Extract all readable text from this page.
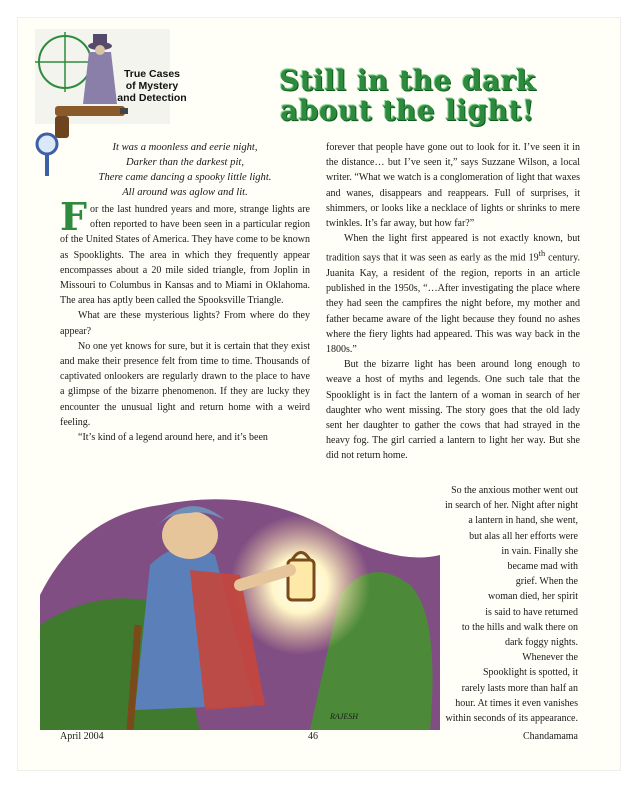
True Cases
of Mystery
and Detection
Still in the dark
about the light!
It was a moonless and eerie night,
Darker than the darkest pit,
There came dancing a spooky little light.
All around was aglow and lit.

For the last hundred years and more, strange lights are often reported to have been seen in a particular region of the United States of America. They have come to be known as Spooklights. The area in which they frequently appear encompasses about a 20 mile sided triangle, from Joplin in Missouri to Columbus in Kansas and to Miami in Oklahoma. The area has aptly been called the Spooksville Triangle.

What are these mysterious lights? From where do they appear?

No one yet knows for sure, but it is certain that they exist and make their presence felt from time to time. Thousands of captivated onlookers are regularly drawn to the place to have a glimpse of the bizarre phenomenon. If they are lucky they encounter the unusual light and return home with a weird feeling.

“It’s kind of a legend around here, and it’s been

forever that people have gone out to look for it. I’ve seen it in the distance… but I’ve seen it,” says Suzzane Wilson, a local writer. “What we watch is a conglomeration of light that waxes and wanes, disappears and reappears. Full of surprises, it shimmers, or looks like a necklace of lights or shrinks to mere twinkles. It’s far away, but how far?”

When the light first appeared is not exactly known, but tradition says that it was seen as early as the mid 19th century. Juanita Kay, a resident of the region, reports in an article published in the 1950s, “…After investigating the place where they had seen the campfires the night before, my mother and father became aware of the light because they found no ashes where the fiery lights had appeared. This was way back in the 1800s.”

But the bizarre light has been around long enough to weave a host of myths and legends. One such tale that the Spooklight is in fact the lantern of a woman in search of her daughter who went missing. The story goes that the old lady sent her daughter to gather the cows that had strayed in the heavy fog. The girl carried a lantern to light her way. But she did not return home.

RAJESH
So the anxious mother went out
in search of her. Night after night
a lantern in hand, she went,
but alas all her efforts were
in vain. Finally she
became mad with
grief. When the
woman died, her spirit
is said to have returned
to the hills and walk there on
dark foggy nights.
Whenever the
Spooklight is spotted, it
rarely lasts more than half an
hour. At times it even vanishes
within seconds of its appearance.
April 2004	46	Chandamama
